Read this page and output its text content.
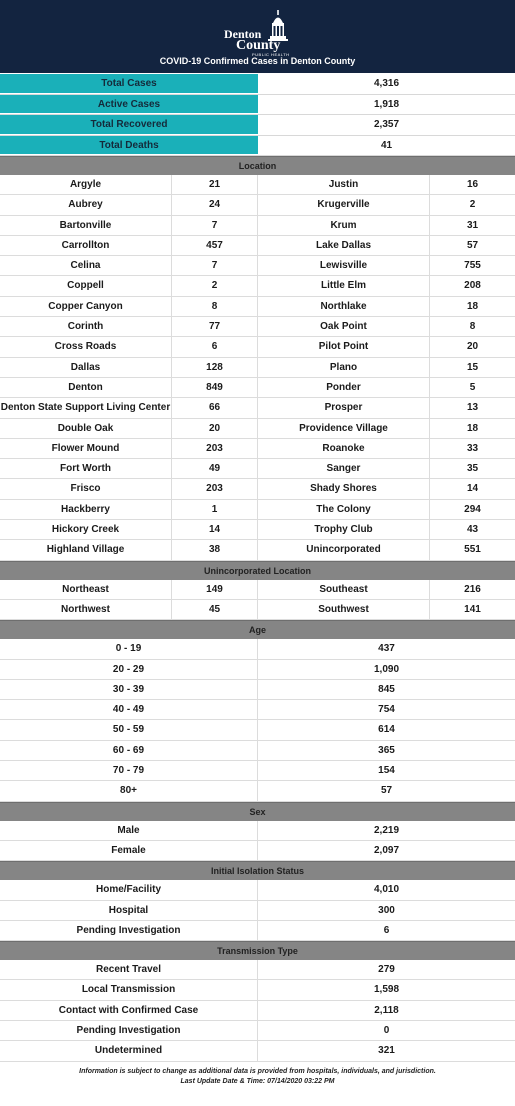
Denton
County
PUBLIC HEALTH
COVID-19 Confirmed Cases in Denton County
Total Cases	4,316
Active Cases	1,918
Total Recovered	2,357
Total Deaths	41
Location
Argyle	21	Justin	16
Aubrey	24	Krugerville	2
Bartonville	7	Krum	31
Carrollton	457	Lake Dallas	57
Celina	7	Lewisville	755
Coppell	2	Little Elm	208
Copper Canyon	8	Northlake	18
Corinth	77	Oak Point	8
Cross Roads	6	Pilot Point	20
Dallas	128	Plano	15
Denton	849	Ponder	5
Denton State Support Living Center	66	Prosper	13
Double Oak	20	Providence Village	18
Flower Mound	203	Roanoke	33
Fort Worth	49	Sanger	35
Frisco	203	Shady Shores	14
Hackberry	1	The Colony	294
Hickory Creek	14	Trophy Club	43
Highland Village	38	Unincorporated	551
Unincorporated Location
Northeast	149	Southeast	216
Northwest	45	Southwest	141
Age
0 - 19	437
20 - 29	1,090
30 - 39	845
40 - 49	754
50 - 59	614
60 - 69	365
70 - 79	154
80+	57
Sex
Male	2,219
Female	2,097
Initial Isolation Status
Home/Facility	4,010
Hospital	300
Pending Investigation	6
Transmission Type
Recent Travel	279
Local Transmission	1,598
Contact with Confirmed Case	2,118
Pending Investigation	0
Undetermined	321
Information is subject to change as additional data is provided from hospitals, individuals, and jurisdiction.
Last Update Date & Time: 07/14/2020 03:22 PM
